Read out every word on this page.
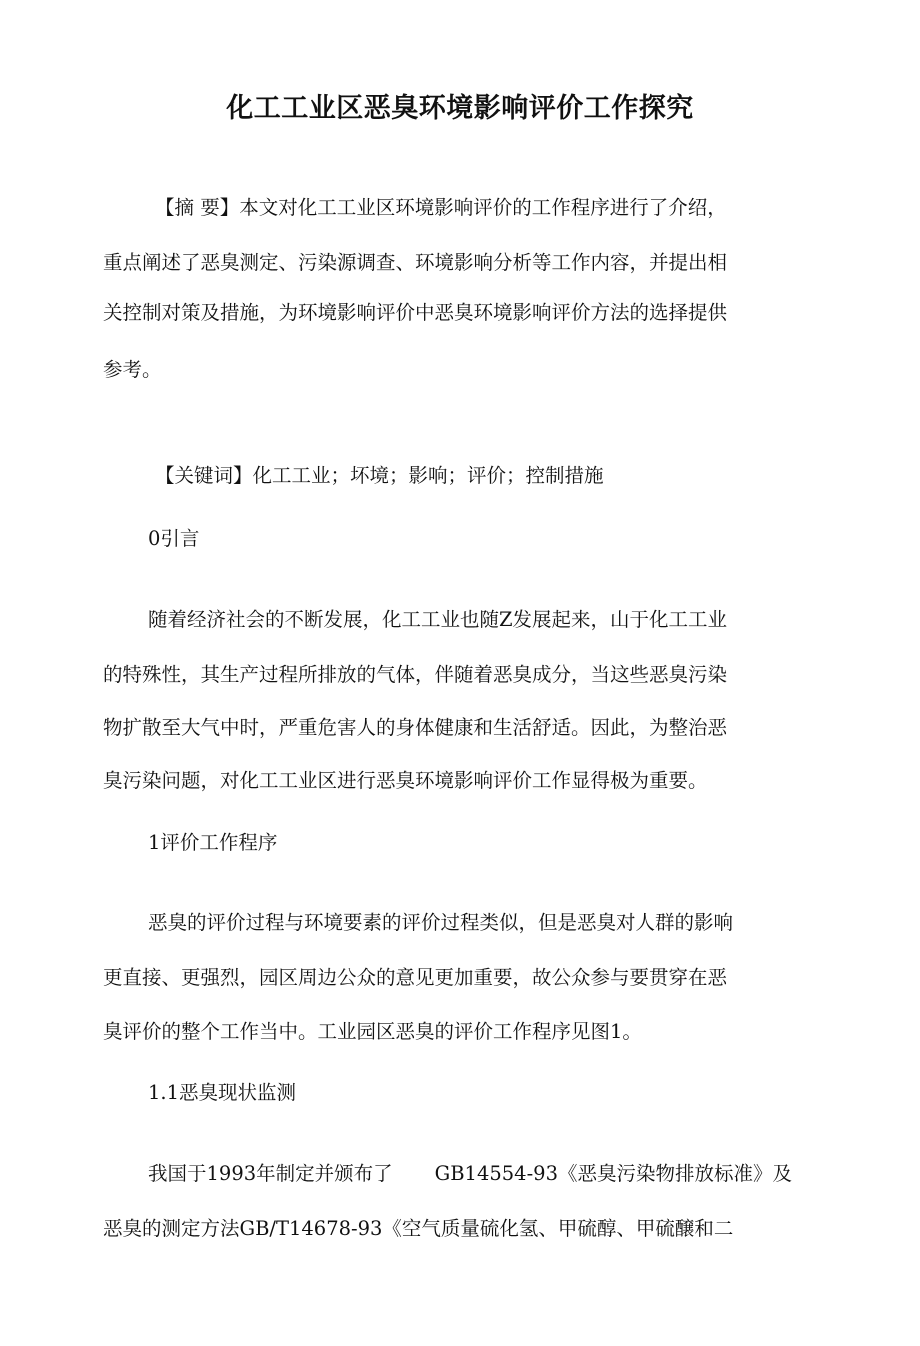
化工工业区恶臭环境影响评价工作探究
【摘 要】本文对化工工业区环境影响评价的工作程序进行了介绍，
重点阐述了恶臭测定、污染源调查、环境影响分析等工作内容，并提出相
关控制对策及措施，为环境影响评价中恶臭环境影响评价方法的选择提供
参考。
【关键词】化工工业；坏境；影响；评价；控制措施
0引言
随着经济社会的不断发展，化工工业也随Z发展起来，山于化工工业
的特殊性，其生产过程所排放的气体，伴随着恶臭成分，当这些恶臭污染
物扩散至大气中时，严重危害人的身体健康和生活舒适。因此，为整治恶
臭污染问题，对化工工业区进行恶臭环境影响评价工作显得极为重要。
1评价工作程序
恶臭的评价过程与环境要素的评价过程类似，但是恶臭对人群的影响
更直接、更强烈，园区周边公众的意见更加重要，故公众参与要贯穿在恶
臭评价的整个工作当中。工业园区恶臭的评价工作程序见图1。
1.1恶臭现状监测
我国于1993年制定并颁布了 GB14554-93《恶臭污染物排放标准》及
恶臭的测定方法GB/T14678-93《空气质量硫化氢、甲硫醇、甲硫醸和二
